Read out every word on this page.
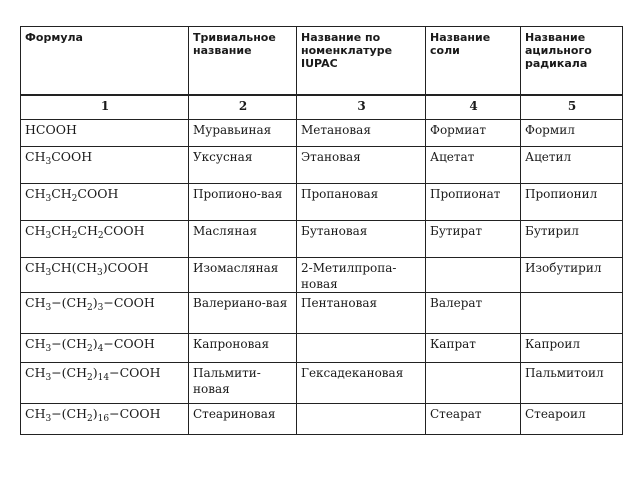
Формула	Тривиальное название	Название по номенклатуре IUPAC	Название соли	Название ацильного радикала
1	2	3	4	5
HCOOH	Муравьиная	Метановая	Формиат	Формил
$CH_3COOH$	Уксусная	Этановая	Ацетат	Ацетил
$CH_3CH_2COOH$	Пропионо-вая	Пропановая	Пропионат	Пропионил
$CH_3CH_2CH_2COOH$	Масляная	Бутановая	Бутират	Бутирил
$CH_3CH(CH_3)COOH$	Изомасляная	2-Метилпропа-новая		Изобутирил
$CH_3-(CH_2)_3-COOH$	Валериано-вая	Пентановая	Валерат	
$CH_3-(CH_2)_4-COOH$	Капроновая		Капрат	Капроил
$CH_3-(CH_2)_{14}-COOH$	Пальмити-новая	Гексадекановая		Пальмитоил
$CH_3-(CH_2)_{16}-COOH$	Стеариновая		Стеарат	Стеароил
